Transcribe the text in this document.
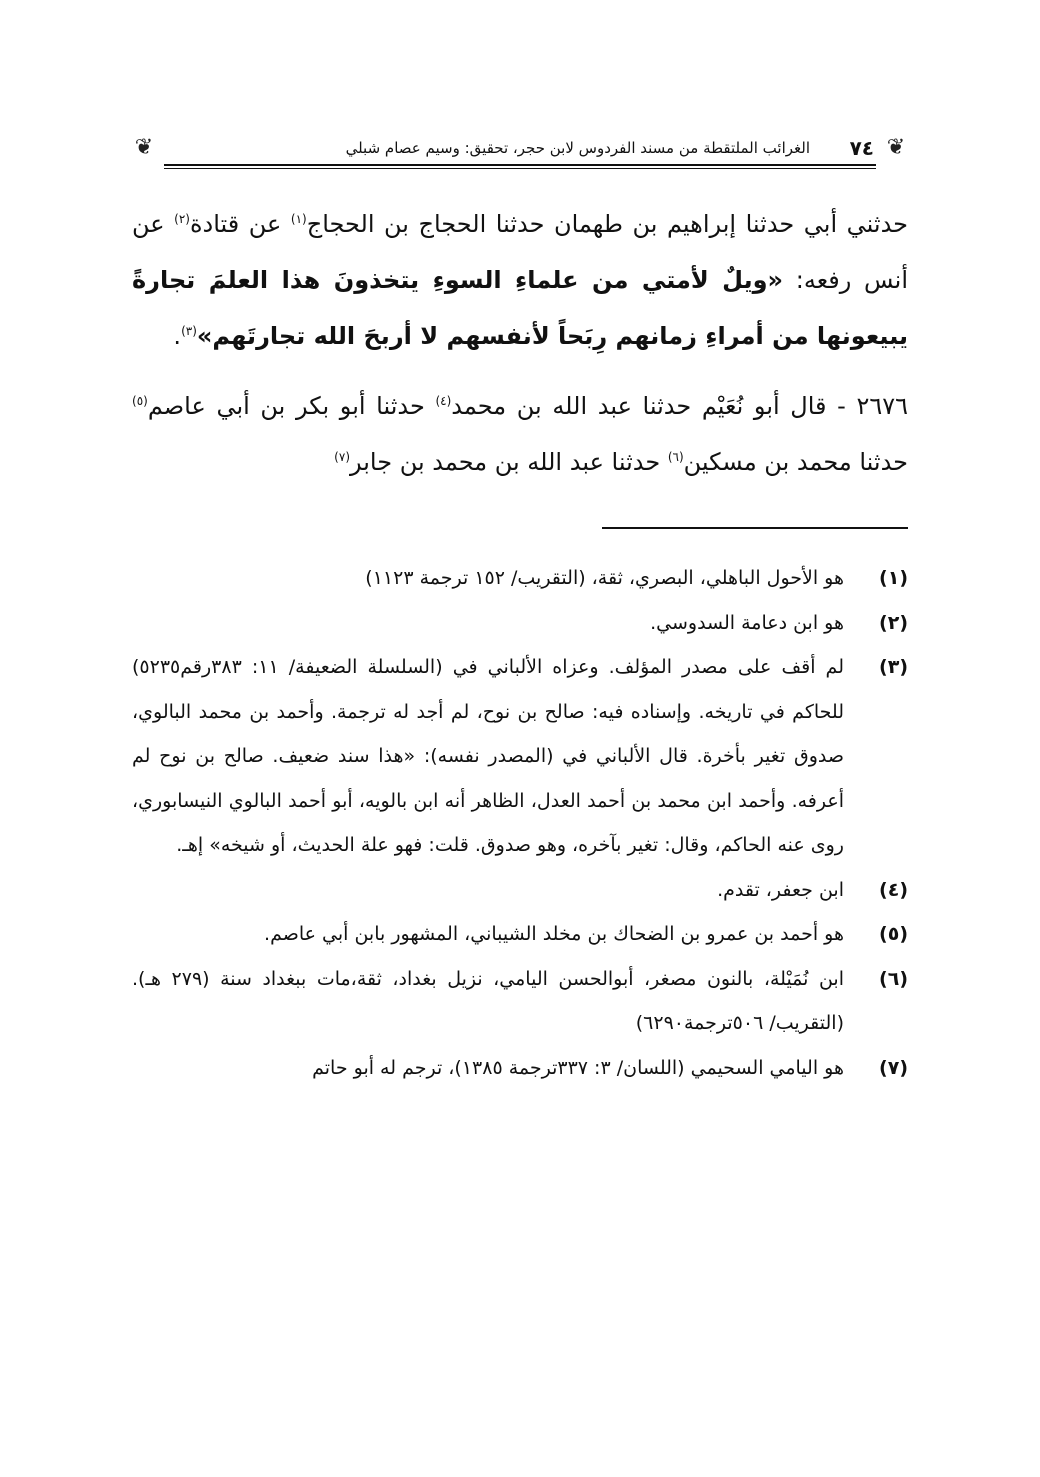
❦
٧٤
الغرائب الملتقطة من مسند الفردوس لابن حجر، تحقيق: وسيم عصام شبلي
❦

حدثني أبي حدثنا إبراهيم بن طهمان حدثنا الحجاج بن الحجاج$^{(١)}$ عن قتادة$^{(٢)}$ عن أنس رفعه: «ويلٌ لأمتي من علماءِ السوءِ يتخذونَ هذا العلمَ تجارةً يبيعونها من أمراءِ زمانهم رِبَحاً لأنفسهم لا أربحَ الله تجارتَهم»$^{(٣)}$.

٢٦٧٦ - قال أبو نُعَيْم حدثنا عبد الله بن محمد$^{(٤)}$ حدثنا أبو بكر بن أبي عاصم$^{(٥)}$ حدثنا محمد بن مسكين$^{(٦)}$ حدثنا عبد الله بن محمد بن جابر$^{(٧)}$

(١)
هو الأحول الباهلي، البصري، ثقة، (التقريب/ ١٥٢ ترجمة ١١٢٣)
(٢)
هو ابن دعامة السدوسي.
(٣)
لم أقف على مصدر المؤلف. وعزاه الألباني في (السلسلة الضعيفة/ ١١: ٣٨٣رقم٥٢٣٥) للحاكم في تاريخه. وإسناده فيه: صالح بن نوح، لم أجد له ترجمة. وأحمد بن محمد البالوي، صدوق تغير بأخرة. قال الألباني في (المصدر نفسه): «هذا سند ضعيف. صالح بن نوح لم أعرفه. وأحمد ابن محمد بن أحمد العدل، الظاهر أنه ابن بالويه، أبو أحمد البالوي النيسابوري، روى عنه الحاكم، وقال: تغير بآخره، وهو صدوق. قلت: فهو علة الحديث، أو شيخه» إهـ.
(٤)
ابن جعفر، تقدم.
(٥)
هو أحمد بن عمرو بن الضحاك بن مخلد الشيباني، المشهور بابن أبي عاصم.
(٦)
ابن نُمَيْلة، بالنون مصغر، أبوالحسن اليامي، نزيل بغداد، ثقة،مات ببغداد سنة (٢٧٩ هـ). (التقريب/ ٥٠٦ترجمة٦٢٩٠)
(٧)
هو اليامي السحيمي (اللسان/ ٣: ٣٣٧ترجمة ١٣٨٥)، ترجم له أبو حاتم
